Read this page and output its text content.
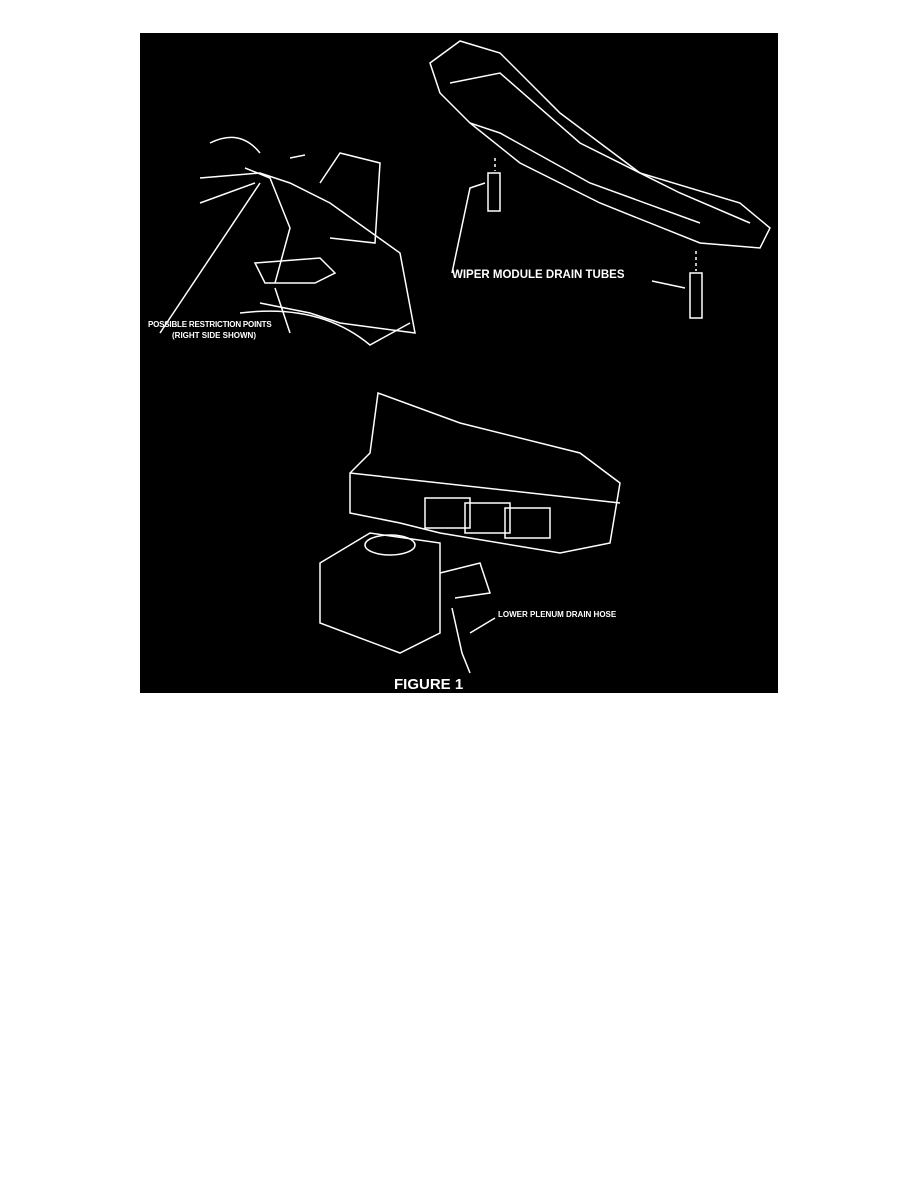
POSSIBLE RESTRICTION POINTS
(RIGHT SIDE SHOWN)
WIPER MODULE DRAIN TUBES
LOWER PLENUM DRAIN HOSE
FIGURE 1
